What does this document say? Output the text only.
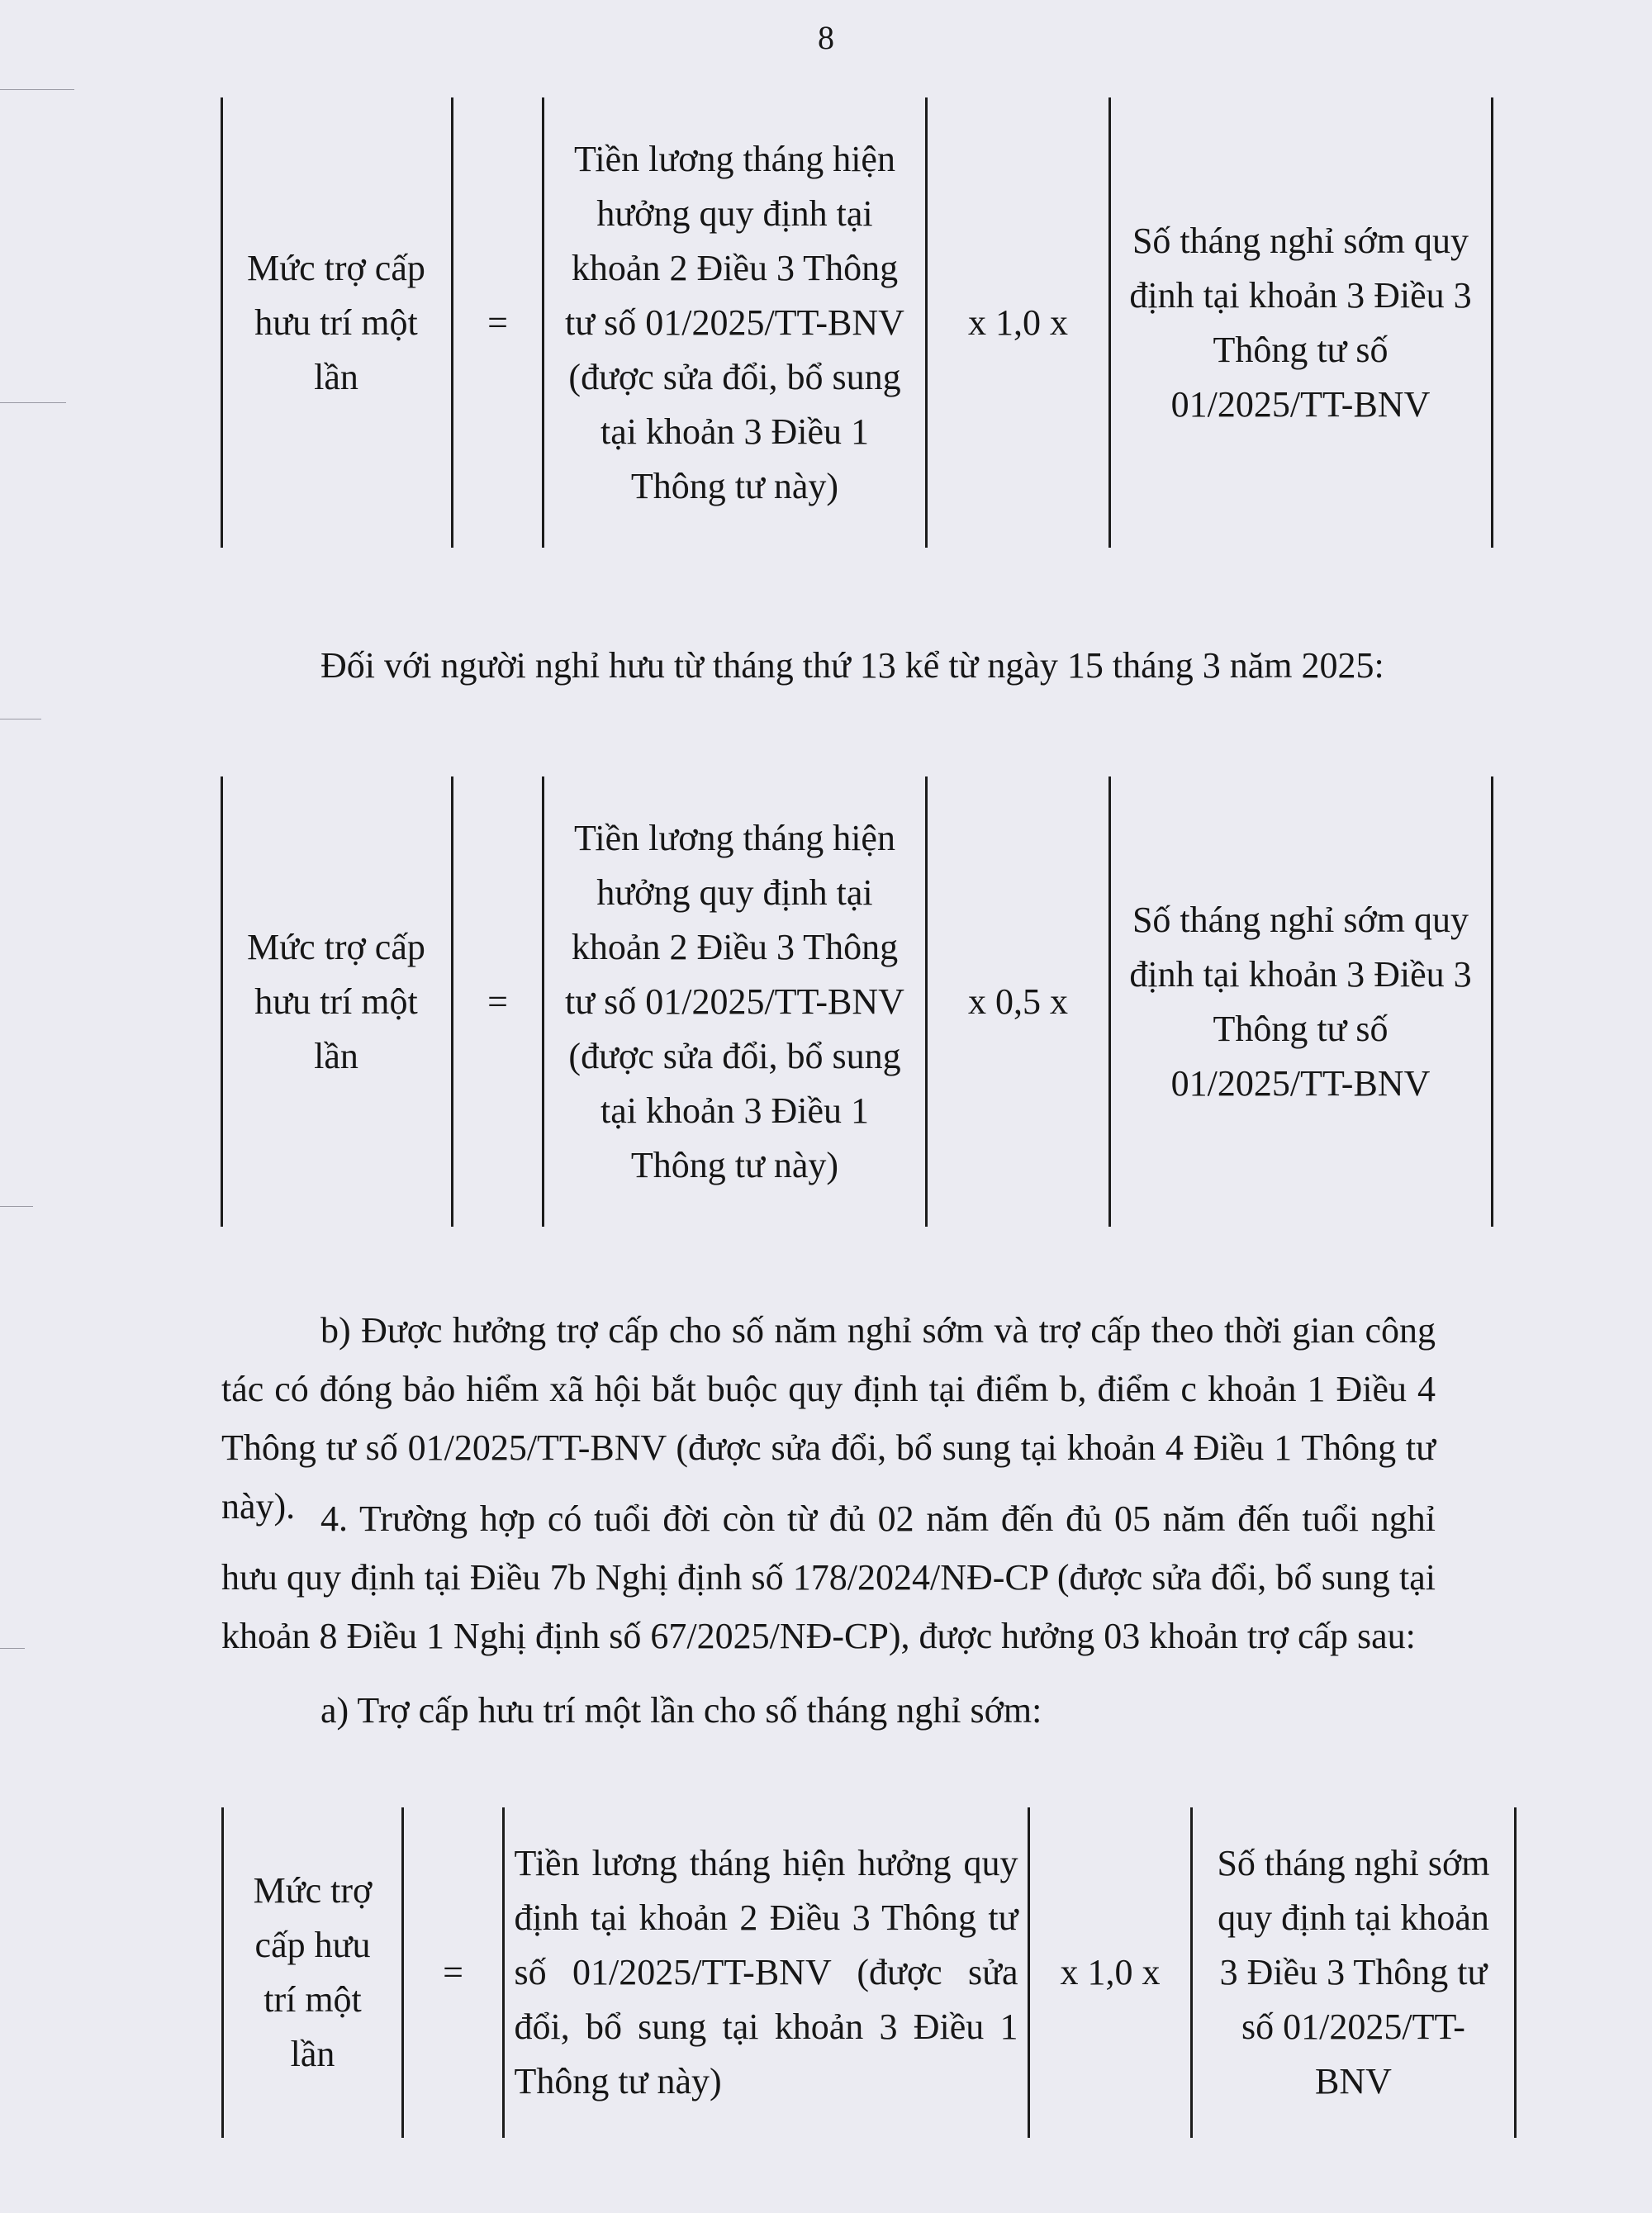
8
Mức trợ cấp hưu trí một lần
=
Tiền lương tháng hiện hưởng quy định tại khoản 2 Điều 3 Thông tư số 01/2025/TT-BNV (được sửa đổi, bổ sung tại khoản 3 Điều 1 Thông tư này)
x 1,0 x
Số tháng nghỉ sớm quy định tại khoản 3 Điều 3 Thông tư số 01/2025/TT-BNV
Đối với người nghỉ hưu từ tháng thứ 13 kể từ ngày 15 tháng 3 năm 2025:
Mức trợ cấp hưu trí một lần
=
Tiền lương tháng hiện hưởng quy định tại khoản 2 Điều 3 Thông tư số 01/2025/TT-BNV (được sửa đổi, bổ sung tại khoản 3 Điều 1 Thông tư này)
x 0,5 x
Số tháng nghỉ sớm quy định tại khoản 3 Điều 3 Thông tư số 01/2025/TT-BNV
b) Được hưởng trợ cấp cho số năm nghỉ sớm và trợ cấp theo thời gian công tác có đóng bảo hiểm xã hội bắt buộc quy định tại điểm b, điểm c khoản 1 Điều 4 Thông tư số 01/2025/TT-BNV (được sửa đổi, bổ sung tại khoản 4 Điều 1 Thông tư này). 4. Trường hợp có tuổi đời còn từ đủ 02 năm đến đủ 05 năm đến tuổi nghỉ hưu quy định tại Điều 7b Nghị định số 178/2024/NĐ-CP (được sửa đổi, bổ sung tại khoản 8 Điều 1 Nghị định số 67/2025/NĐ-CP), được hưởng 03 khoản trợ cấp sau:
a) Trợ cấp hưu trí một lần cho số tháng nghỉ sớm:
Mức trợ cấp hưu trí một lần
=
Tiền lương tháng hiện hưởng quy định tại khoản 2 Điều 3 Thông tư số 01/2025/TT-BNV (được sửa đổi, bổ sung tại khoản 3 Điều 1 Thông tư này)
x 1,0 x
Số tháng nghỉ sớm quy định tại khoản 3 Điều 3 Thông tư số 01/2025/TT-BNV
